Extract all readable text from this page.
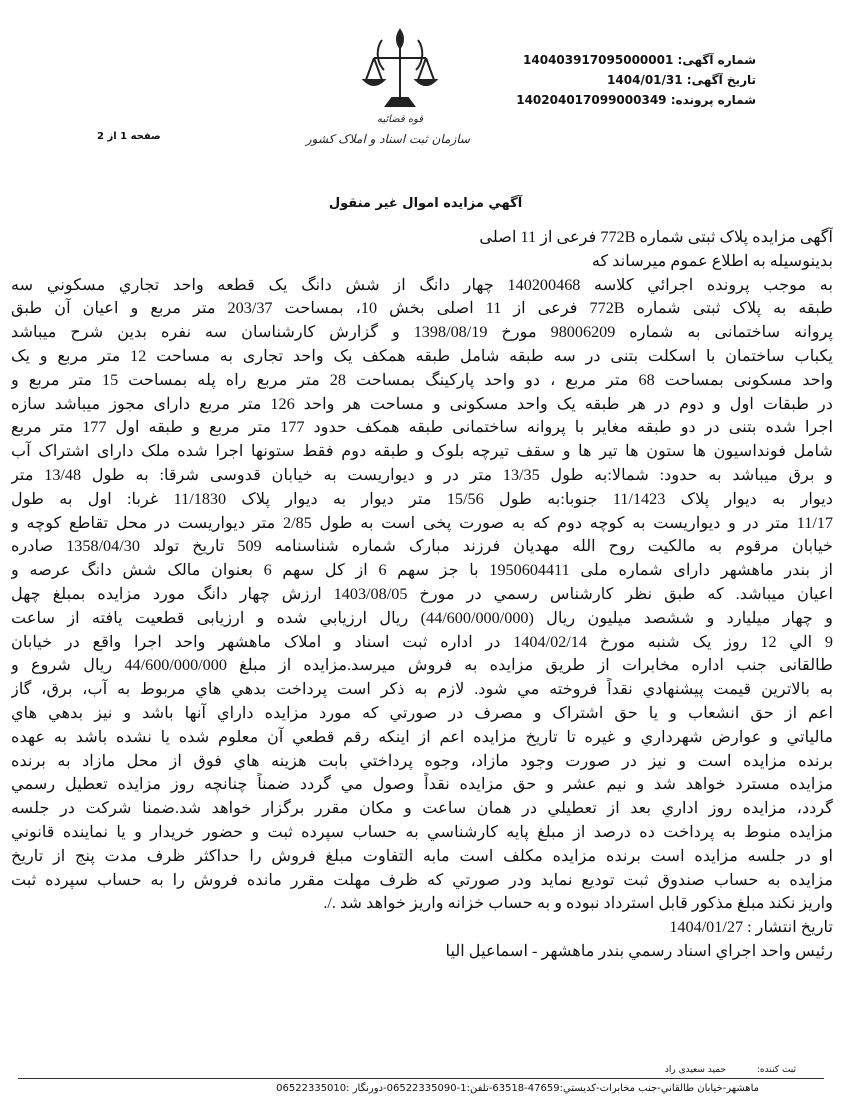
شماره آگهی: 140403917095000001
تاریخ آگهی: 1404/01/31
شماره پرونده: 140204017099000349
قوه قضائیه
سازمان ثبت اسناد و املاک کشور
صفحه 1 از 2
آگهي مزايده اموال غير منقول
آگهی مزایده پلاک ثبتی شماره 772B فرعی از 11 اصلی
بدینوسیله به اطلاع عموم میرساند که
به موجب پرونده اجرائي کلاسه 140200468 چهار دانگ از شش دانگ يک قطعه واحد تجاري مسکوني سه
طبقه به پلاک ثبتی شماره 772B فرعی از 11 اصلی بخش 10، بمساحت 203/37 متر مربع و اعیان آن طبق
پروانه ساختمانی به شماره 98006209 مورخ 1398/08/19 و گزارش کارشناسان سه نفره بدین شرح میباشد
یکباب ساختمان با اسکلت بتنی در سه طبقه شامل طبقه همکف یک واحد تجاری به مساحت 12 متر مربع و یک
واحد مسکونی بمساحت 68 متر مربع ، دو واحد پارکینگ بمساحت 28 متر مربع راه پله بمساحت 15 متر مربع و
در طبقات اول و دوم در هر طبقه یک واحد مسکونی و مساحت هر واحد 126 متر مربع دارای مجوز میباشد سازه
اجرا شده بتنی در دو طبقه مغایر با پروانه ساختمانی طبقه همکف حدود 177 متر مربع و طبقه اول 177 متر مربع
شامل فونداسیون ها ستون ها تیر ها و سقف تیرچه بلوک و طبقه دوم فقط ستونها اجرا شده ملک دارای اشتراک آب
و برق میباشد به حدود: شمالا:به طول 13/35 متر در و دیواریست به خیابان قدوسی شرقا: به طول 13/48 متر
دیوار به دیوار پلاک 11/1423 جنوبا:به طول 15/56 متر دیوار به دیوار پلاک 11/1830 غربا: اول به طول
11/17 متر در و دیواریست به کوچه دوم که به صورت پخی است به طول 2/85 متر دیواریست در محل تقاطع کوچه و
خیابان مرقوم به مالکیت روح الله مهدیان فرزند مبارک شماره شناسنامه 509 تاریخ تولد 1358/04/30 صادره
از بندر ماهشهر دارای شماره ملی 1950604411 با جز سهم 6 از کل سهم 6 بعنوان مالک شش دانگ عرصه و
اعیان میباشد. که طبق نظر کارشناس رسمي در مورخ 1403/08/05 ارزش چهار دانگ مورد مزايده بمبلغ چهل
و چهار ميليارد و ششصد ميليون ريال (44/600/000/000) ريال ارزيابي شده و ارزيابی قطعيت يافته از ساعت
9 الي 12 روز يک شنبه مورخ 1404/02/14 در اداره ثبت اسناد و املاک ماهشهر واحد اجرا واقع در خیابان
طالقانی جنب اداره مخابرات از طريق مزايده به فروش ميرسد.مزايده از مبلغ 44/600/000/000 ريال شروع و
به بالاترين قيمت پيشنهادي نقداً فروخته مي شود. لازم به ذکر است پرداخت بدهي هاي مربوط به آب، برق، گاز
اعم از حق انشعاب و يا حق اشتراک و مصرف در صورتي که مورد مزايده داراي آنها باشد و نيز بدهي هاي
مالياتي و عوارض شهرداري و غيره تا تاريخ مزايده اعم از اينکه رقم قطعي آن معلوم شده يا نشده باشد به عهده
برنده مزايده است و نيز در صورت وجود مازاد، وجوه پرداختي بابت هزينه هاي فوق از محل مازاد به برنده
مزايده مسترد خواهد شد و نيم عشر و حق مزايده نقداً وصول مي گردد ضمناً چنانچه روز مزايده تعطيل رسمي
گردد، مزايده روز اداري بعد از تعطيلي در همان ساعت و مکان مقرر برگزار خواهد شد.ضمنا شرکت در جلسه
مزايده منوط به پرداخت ده درصد از مبلغ پايه کارشناسي به حساب سپرده ثبت و حضور خريدار و يا نماينده قانوني
او در جلسه مزايده است برنده مزايده مکلف است مابه التفاوت مبلغ فروش را حداکثر ظرف مدت پنج از تاريخ
مزايده به حساب صندوق ثبت توديع نمايد ودر صورتي که ظرف مهلت مقرر مانده فروش را به حساب سپرده ثبت
واريز نکند مبلغ مذکور قابل استرداد نبوده و به حساب خزانه واريز خواهد شد ./.
تاریخ انتشار : 1404/01/27
رئيس واحد اجراي اسناد رسمي بندر ماهشهر - اسماعیل الیا
ثبت کننده: حمید سعیدی راد
ماهشهر-خيابان طالقاني-جنب مخابرات-كديستي:47659-63518-تلفن:1-06522335090-دورنگار :06522335010
